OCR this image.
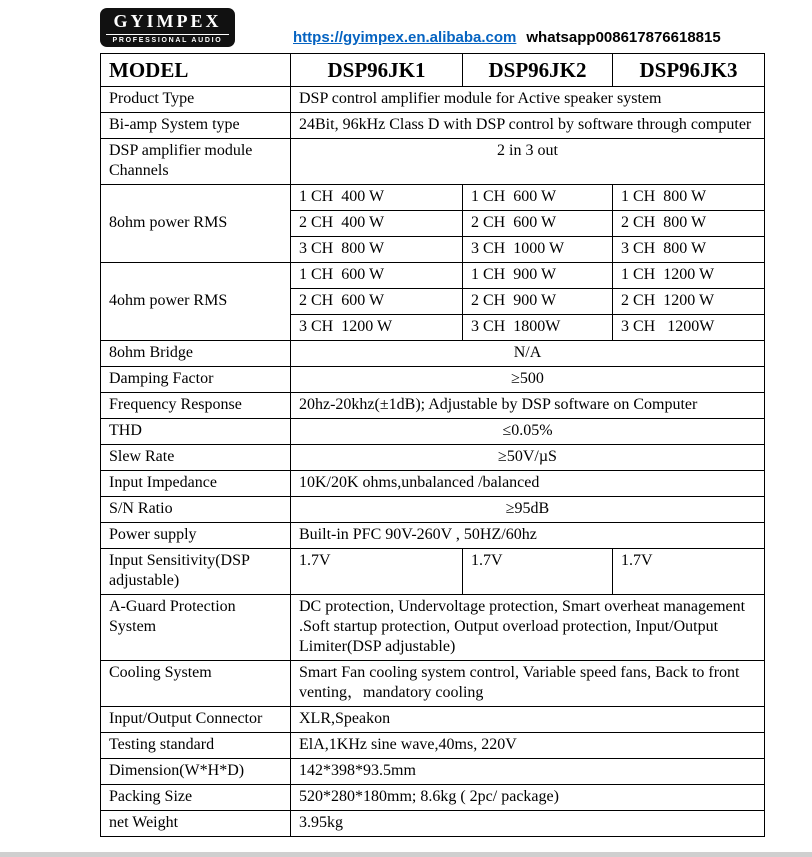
GYIMPEX
PROFESSIONAL AUDIO	https://gyimpex.en.alibaba.com whatsapp008617876618815
MODEL	DSP96JK1	DSP96JK2	DSP96JK3
Product Type	DSP control amplifier module for Active speaker system		
Bi-amp System type	24Bit, 96kHz Class D with DSP control by software through computer		
DSP amplifier module Channels	2 in 3 out		
8ohm power RMS	1 CH  400 W	1 CH  600 W	1 CH  800 W
	2 CH  400 W	2 CH  600 W	2 CH  800 W
	3 CH  800 W	3 CH  1000 W	3 CH  800 W
4ohm power RMS	1 CH  600 W	1 CH  900 W	1 CH  1200 W
	2 CH  600 W	2 CH  900 W	2 CH  1200 W
	3 CH  1200 W	3 CH  1800W	3 CH   1200W
8ohm Bridge	N/A		
Damping Factor	≥500		
Frequency Response	20hz-20khz(±1dB); Adjustable by DSP software on Computer		
THD	≤0.05%		
Slew Rate	≥50V/µS		
Input Impedance	10K/20K ohms,unbalanced /balanced		
S/N Ratio	≥95dB		
Power supply	Built-in PFC 90V-260V , 50HZ/60hz		
Input Sensitivity(DSP adjustable)	1.7V	1.7V	1.7V
A-Guard Protection System	DC protection, Undervoltage protection, Smart overheat management .Soft startup protection, Output overload protection, Input/Output Limiter(DSP adjustable)		
Cooling System	Smart Fan cooling system control, Variable speed fans, Back to front venting，mandatory cooling		
Input/Output Connector	XLR,Speakon		
Testing standard	ElA,1KHz sine wave,40ms, 220V		
Dimension(W*H*D)	142*398*93.5mm		
Packing Size	520*280*180mm; 8.6kg ( 2pc/ package)		
net Weight	3.95kg		
